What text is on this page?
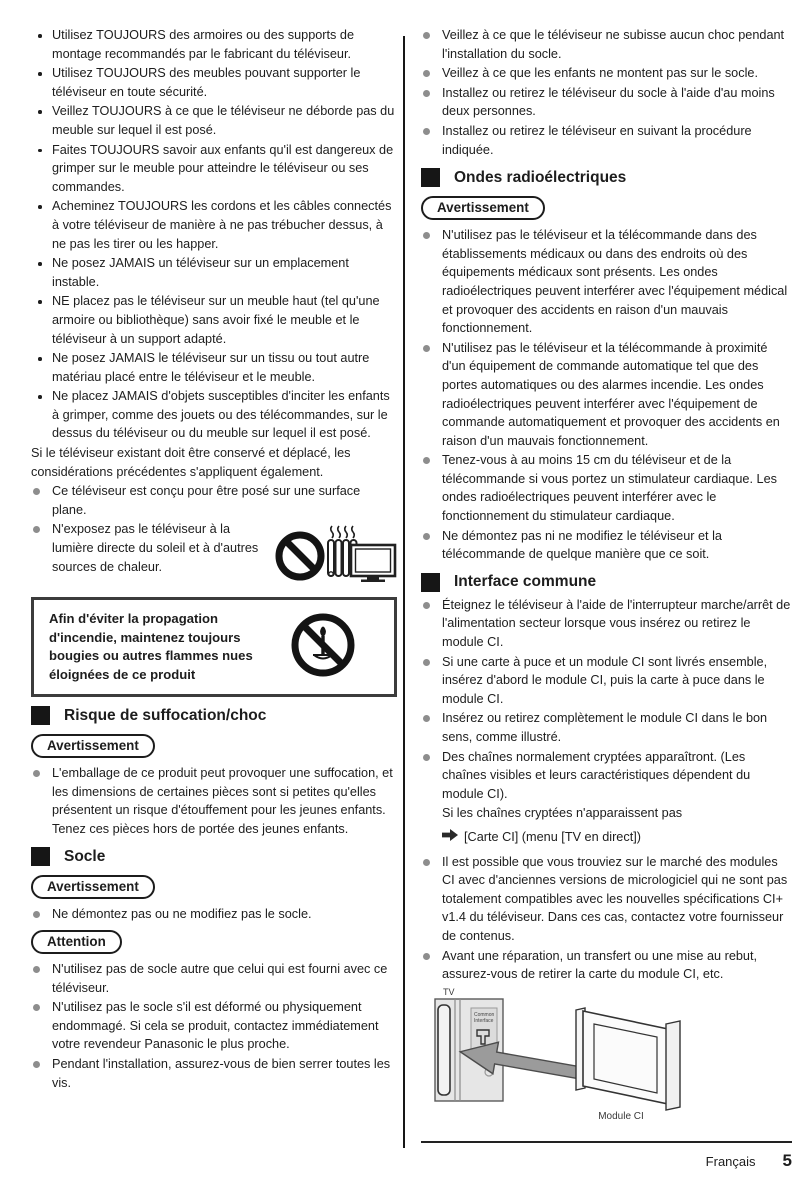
Utilisez TOUJOURS des armoires ou des supports de montage recommandés par le fabricant du téléviseur.
Utilisez TOUJOURS des meubles pouvant supporter le téléviseur en toute sécurité.
Veillez TOUJOURS à ce que le téléviseur ne déborde pas du meuble sur lequel il est posé.
Faites TOUJOURS savoir aux enfants qu'il est dangereux de grimper sur le meuble pour atteindre le téléviseur ou ses commandes.
Acheminez TOUJOURS les cordons et les câbles connectés à votre téléviseur de manière à ne pas trébucher dessus, à ne pas les tirer ou les happer.
Ne posez JAMAIS un téléviseur sur un emplacement instable.
NE placez pas le téléviseur sur un meuble haut (tel qu'une armoire ou bibliothèque) sans avoir fixé le meuble et le téléviseur à un support adapté.
Ne posez JAMAIS le téléviseur sur un tissu ou tout autre matériau placé entre le téléviseur et le meuble.
Ne placez JAMAIS d'objets susceptibles d'inciter les enfants à grimper, comme des jouets ou des télécommandes, sur le dessus du téléviseur ou du meuble sur lequel il est posé.

Si le téléviseur existant doit être conservé et déplacé, les considérations précédentes s'appliquent également.

Ce téléviseur est conçu pour être posé sur une surface plane.
N'exposez pas le téléviseur à la lumière directe du soleil et à d'autres sources de chaleur.
Afin d'éviter la propagation d'incendie, maintenez toujours bougies ou autres flammes nues éloignées de ce produit
Risque de suffocation/choc
Avertissement
L'emballage de ce produit peut provoquer une suffocation, et les dimensions de certaines pièces sont si petites qu'elles présentent un risque d'étouffement pour les jeunes enfants. Tenez ces pièces hors de portée des jeunes enfants.
Socle
Avertissement
Ne démontez pas ou ne modifiez pas le socle.
Attention
N'utilisez pas de socle autre que celui qui est fourni avec ce téléviseur.
N'utilisez pas le socle s'il est déformé ou physiquement endommagé. Si cela se produit, contactez immédiatement votre revendeur Panasonic le plus proche.
Pendant l'installation, assurez-vous de bien serrer toutes les vis.
Veillez à ce que le téléviseur ne subisse aucun choc pendant l'installation du socle.
Veillez à ce que les enfants ne montent pas sur le socle.
Installez ou retirez le téléviseur du socle à l'aide d'au moins deux personnes.
Installez ou retirez le téléviseur en suivant la procédure indiquée.
Ondes radioélectriques
Avertissement
N'utilisez pas le téléviseur et la télécommande dans des établissements médicaux ou dans des endroits où des équipements médicaux sont présents. Les ondes radioélectriques peuvent interférer avec l'équipement médical et provoquer des accidents en raison d'un mauvais fonctionnement.
N'utilisez pas le téléviseur et la télécommande à proximité d'un équipement de commande automatique tel que des portes automatiques ou des alarmes incendie. Les ondes radioélectriques peuvent interférer avec l'équipement de commande automatiquement et provoquer des accidents en raison d'un mauvais fonctionnement.
Tenez-vous à au moins 15 cm du téléviseur et de la télécommande si vous portez un stimulateur cardiaque. Les ondes radioélectriques peuvent interférer avec le fonctionnement du stimulateur cardiaque.
Ne démontez pas ni ne modifiez le téléviseur et la télécommande de quelque manière que ce soit.
Interface commune
Éteignez le téléviseur à l'aide de l'interrupteur marche/arrêt de l'alimentation secteur lorsque vous insérez ou retirez le module CI.
Si une carte à puce et un module CI sont livrés ensemble, insérez d'abord le module CI, puis la carte à puce dans le module CI.
Insérez ou retirez complètement le module CI dans le bon sens, comme illustré.
Des chaînes normalement cryptées apparaîtront. (Les chaînes visibles et leurs caractéristiques dépendent du module CI).
Si les chaînes cryptées n'apparaissent pas
[Carte CI] (menu [TV en direct])
Il est possible que vous trouviez sur le marché des modules CI avec d'anciennes versions de micrologiciel qui ne sont pas totalement compatibles avec les nouvelles spécifications CI+ v1.4 du téléviseur. Dans ces cas, contactez votre fournisseur de contenus.
Avant une réparation, un transfert ou une mise au rebut, assurez-vous de retirer la carte du module CI, etc.
TV
Common
Interface
Module CI
Français 5
